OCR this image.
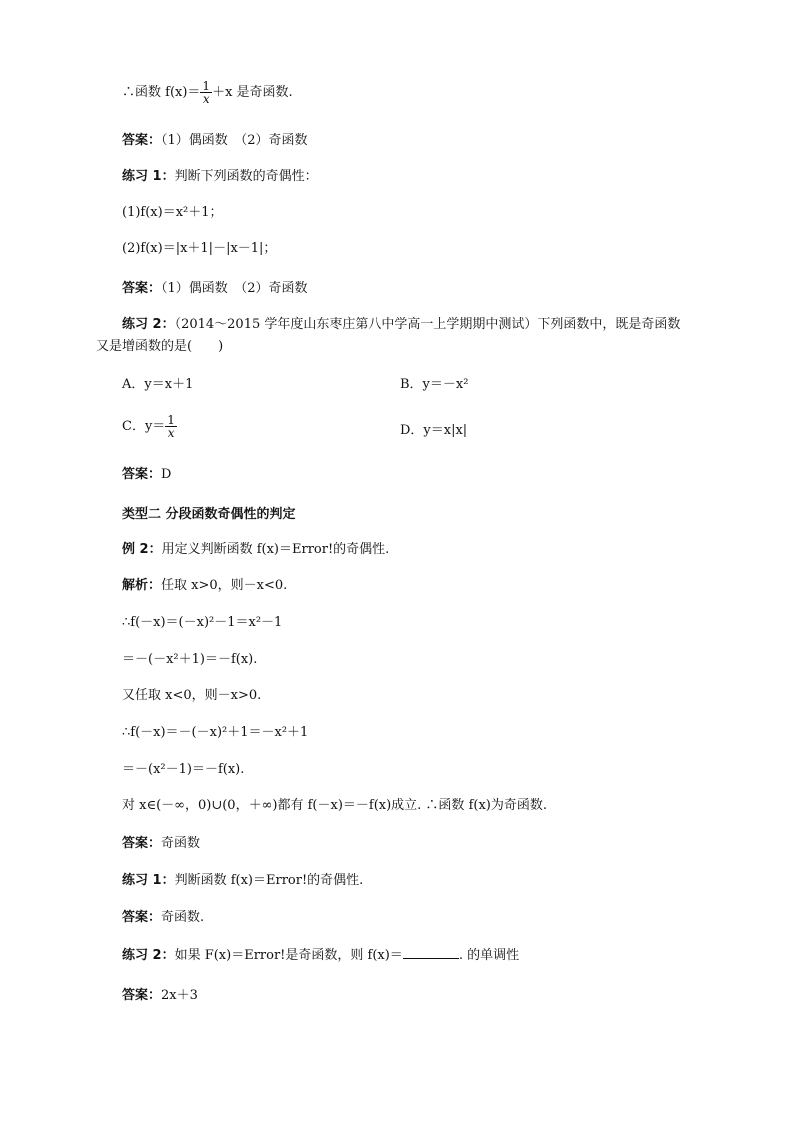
∴函数 $f(x)= \frac{1}{x} +x$ 是奇函数.
答案：（1）偶函数　（2）奇函数
练习 1：判断下列函数的奇偶性：
(1)f(x)＝x²＋1；
(2)f(x)＝|x＋1|－|x－1|；
答案：（1）偶函数　（2）奇函数
练习 2：（2014～2015 学年度山东枣庄第八中学高一上学期期中测试）下列函数中，既是奇函数
又是增函数的是(　　)
A．y＝x＋1	B．y＝－x²
C．$y= \frac{1}{x}$	D．y＝x|x|
答案：D
类型二 分段函数奇偶性的判定
例 2：用定义判断函数 f(x)＝Error!的奇偶性.
解析：任取 x>0，则－x<0.
∴f(－x)＝(－x)²－1＝x²－1
＝－(－x²＋1)＝－f(x).
又任取 x<0，则－x>0.
∴f(－x)＝－(－x)²＋1＝－x²＋1
＝－(x²－1)＝－f(x).
对 x∈(－∞，0)∪(0，＋∞)都有 f(－x)＝－f(x)成立. ∴函数 f(x)为奇函数.
答案：奇函数
练习 1：判断函数 f(x)＝Error!的奇偶性.
答案：奇函数.
练习 2：如果 F(x)＝Error!是奇函数，则 f(x)＝	. 的单调性
答案：2x＋3
